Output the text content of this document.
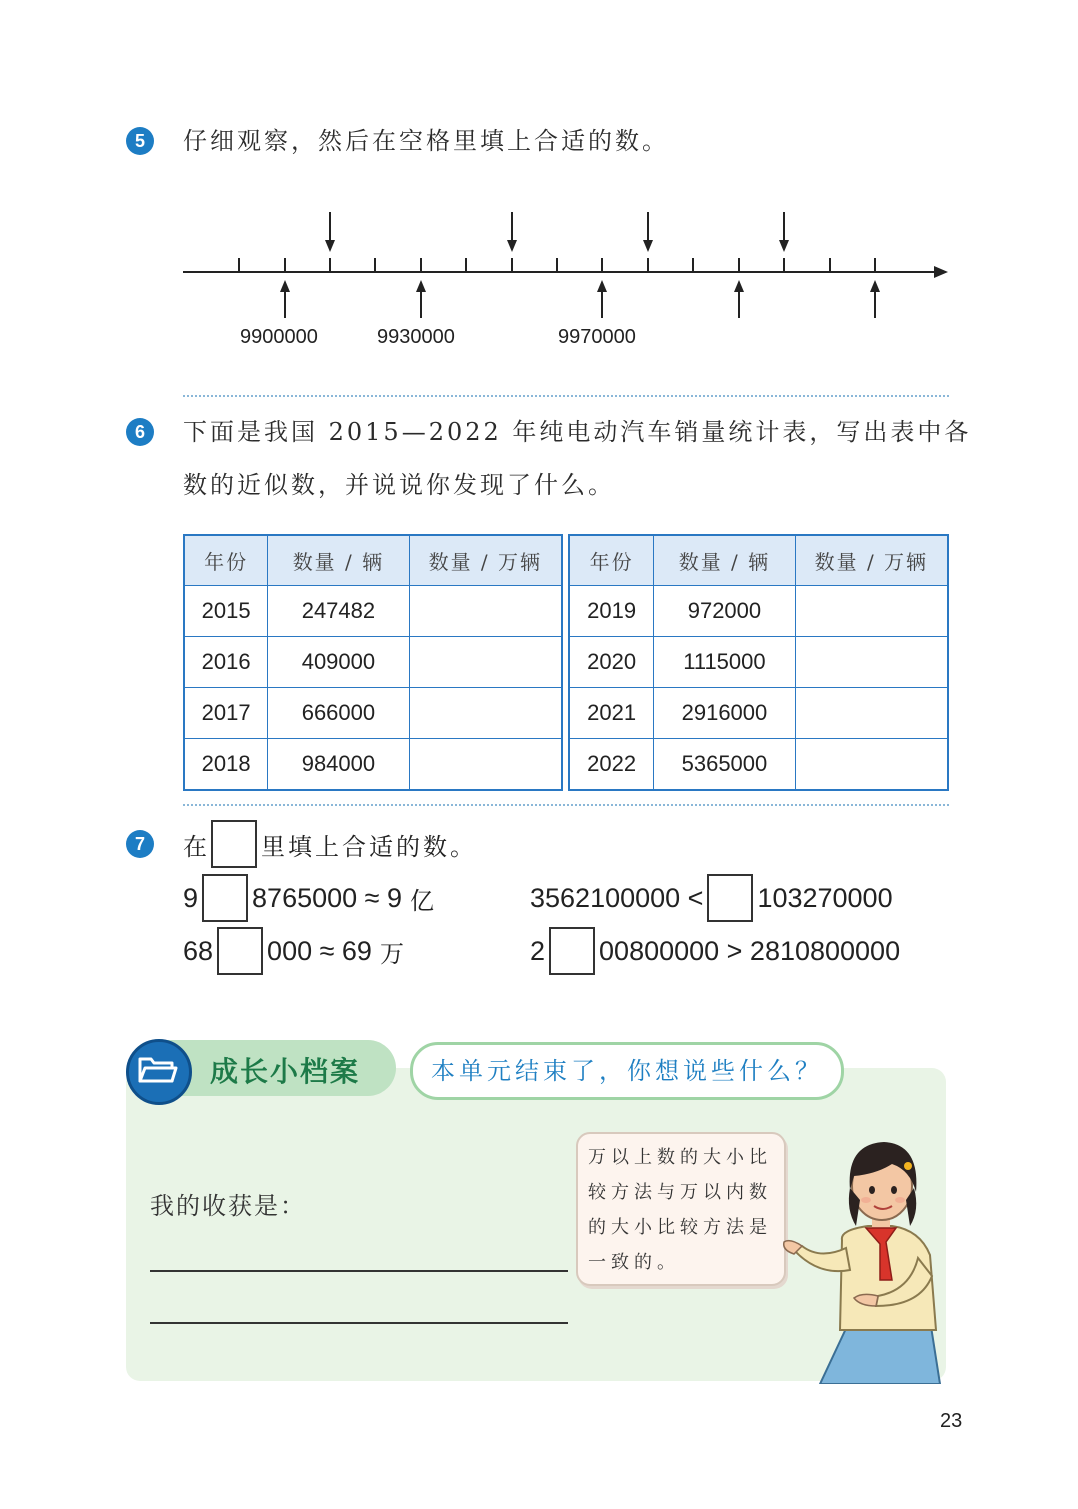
5	仔细观察，然后在空格里填上合适的数。
9900000	9930000	9970000
6	下面是我国 2015—2022 年纯电动汽车销量统计表，写出表中各
数的近似数，并说说你发现了什么。
年份	数量 / 辆	数量 / 万辆
2015	247482	
2016	409000	
2017	666000	
2018	984000	
年份	数量 / 辆	数量 / 万辆
2019	972000	
2020	1115000	
2021	2916000	
2022	5365000	
7	在 里填上合适的数。
9 8765000 ≈ 9 亿	3562100000 < 103270000
68 000 ≈ 69 万	2 00800000 > 2810800000
成长小档案	本单元结束了，你想说些什么？
我的收获是：
万以上数的大小比
较方法与万以内数
的大小比较方法是
一致的。
23
